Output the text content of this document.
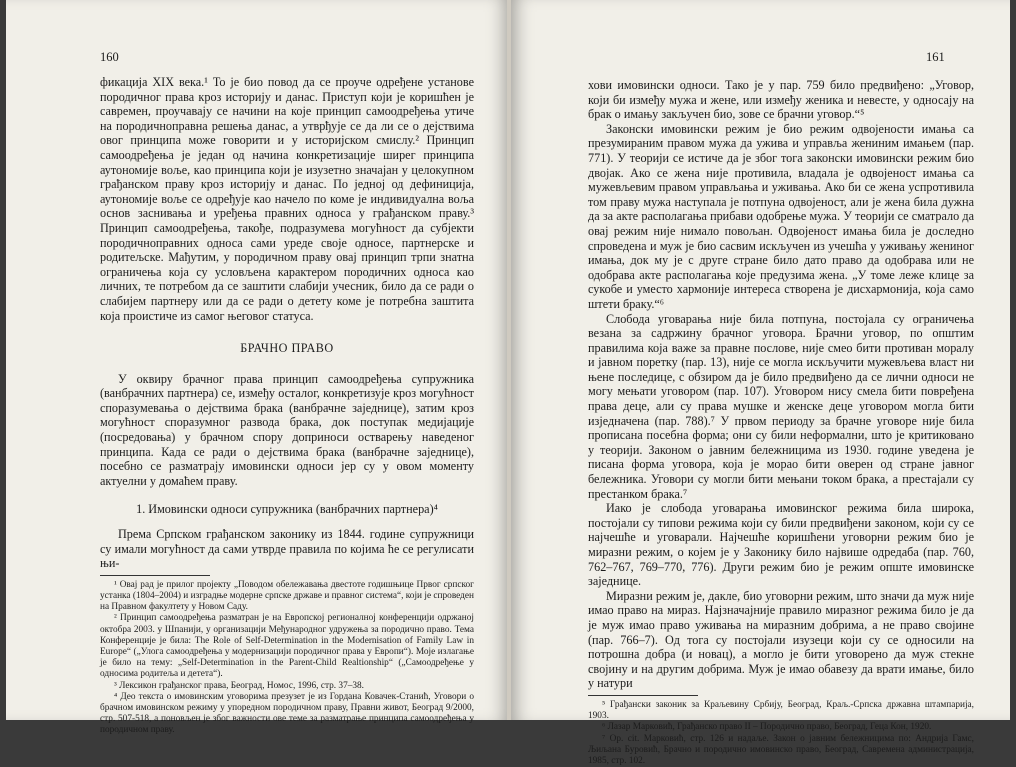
160

фикација XIX века.¹ То је био повод да се проуче одређене установе породичног права кроз историју и данас. Приступ који је коришћен је савремен, проучавају се начини на које принцип самоодређења утиче на породичноправна решења данас, а утврђује се да ли се о дејствима овог принципа може говорити и у историјском смислу.² Принцип самоодређења је један од начина конкретизације ширег принципа аутономије воље, као принципа који је изузетно значајан у целокупном грађанском праву кроз историју и данас. По једној од дефиниција, аутономије воље се одређује као начело по коме је индивидуална воља основ заснивања и уређења правних односа у грађанском праву.³ Принцип самоодређења, такође, подразумева могућност да субјекти породичноправних односа сами уреде своје односе, партнерске и родитељске. Мађутим, у породичном праву овај принцип трпи знатна ограничења која су условљена карактером породичних односа као личних, те потребом да се заштити слабији учесник, било да се ради о слабијем партнеру или да се ради о детету коме је потребна заштита која проистиче из самог његовог статуса.

БРАЧНО ПРАВО

У оквиру брачног права принцип самоодређења супружника (ванбрачних партнера) се, између осталог, конкретизује кроз могућност споразумевања о дејствима брака (ванбрачне заједнице), затим кроз могућност споразумног развода брака, док поступак медијације (посредовања) у брачном спору доприноси остварењу наведеног принципа. Када се ради о дејствима брака (ванбрачне заједнице), посебно се разматрају имовински односи јер су у овом моменту актуелни у домаћем праву.

1. Имовински односи супружника (ванбрачних партнера)⁴

Према Српском грађанском законику из 1844. године супружници су имали могућност да сами утврде правила по којима ће се регулисати њи-

¹ Овај рад је прилог пројекту „Поводом обележавања двестоте годишњице Првог српског устанка (1804–2004) и изградње модерне српске државе и правног система“, који је спроведен на Правном факултету у Новом Саду.

² Принцип самоодређења разматран је на Европској регионалној конференцији одржаној октобра 2003. у Шпанији, у организацији Међународног удружења за породично право. Тема Конференције је била: The Role of Self-Determination in the Modernisation of Family Law in Europe“ („Улога самоодређења у модернизацији породичног права у Европи“). Моје излагање је било на тему: „Self-Determination in the Parent-Child Realtionship“ („Самоодређење у односима родитеља и детета“).

³ Лексикон грађанског права, Београд, Номос, 1996, стр. 37–38.

⁴ Део текста о имовинским уговорима презузет је из Гордана Ковачек-Станић, Уговори о брачном имовинском режиму у упоредном породичном праву, Правни живот, Београд 9/2000, стр. 507-518, а поновљен је због важности ове теме за разматрање принципа самоодређења у породичном праву.

161

хови имовински односи. Тако је у пар. 759 било предвиђено: „Уговор, који би између мужа и жене, или између женика и невесте, у односају на брак о имању закључен био, зове се брачни уговор.“⁵

Законски имовински режим је био режим одвојености имања са презумираним правом мужа да ужива и управља жениним имањем (пар. 771). У теорији се истиче да је због тога законски имовински режим био двојак. Ако се жена није противила, владала је одвојеност имања са мужевљевим правом управљања и уживања. Ако би се жена успротивила том праву мужа наступала је потпуна одвојеност, али је жена била дужна да за акте располагања прибави одобрење мужа. У теорији се сматрало да овај режим није нимало повољан. Одвојеност имања била је доследно спроведена и муж је био сасвим искључен из учешћа у уживању жениног имања, док му је с друге стране било дато право да одобрава или не одобрава акте располагања које предузима жена. „У томе леже клице за сукобе и уместо хармоније интереса створена је дисхармонија, која само штети браку.“⁶

Слобода уговарања није била потпуна, постојала су ограничења везана за садржину брачног уговора. Брачни уговор, по општим правилима која важе за правне послове, није смео бити противан моралу и јавном поретку (пар. 13), није се могла искључити мужевљева власт ни њене последице, с обзиром да је било предвиђено да се лични односи не могу мењати уговором (пар. 107). Уговором нису смела бити повређена права деце, али су права мушке и женске деце уговором могла бити изједначена (пар. 788).⁷ У првом периоду за брачне уговоре није била прописана посебна форма; они су били неформални, што је критиковано у теорији. Законом о јавним бележницима из 1930. године уведена је писана форма уговора, која је морао бити оверен од стране јавног бележника. Уговори су могли бити мењани током брака, а престајали су престанком брака.⁷

Иако је слобода уговарања имовинског режима била широка, постојали су типови режима који су били предвиђени законом, који су се најчешће и уговарали. Најчешће коришћени уговорни режим био је миразни режим, о којем је у Законику било највише одредаба (пар. 760, 762–767, 769–770, 776). Други режим био је режим опште имовинске заједнице.

Миразни режим је, дакле, био уговорни режим, што значи да муж није имао право на мираз. Најзначајније правило миразног режима било је да је муж имао право уживања на миразним добрима, а не право својине (пар. 766–7). Од тога су постојали изузеци који су се односили на потрошна добра (и новац), а могло је бити уговорено да муж стекне својину и на другим добрима. Муж је имао обавезу да врати имање, било у натури

⁵ Грађански законик за Краљевину Србију, Београд, Краљ.-Српска државна штампарија, 1903.

⁶ Лазар Марковић, Грађанско право II – Породично право, Београд, Геца Кон, 1920.

⁷ Op. cit. Марковић, стр. 126 и надаље. Закон о јавним бележницима по: Андрија Гамс, Љиљана Буровић, Брачно и породично имовинско право, Београд, Савремена администрација, 1985, стр. 102.
